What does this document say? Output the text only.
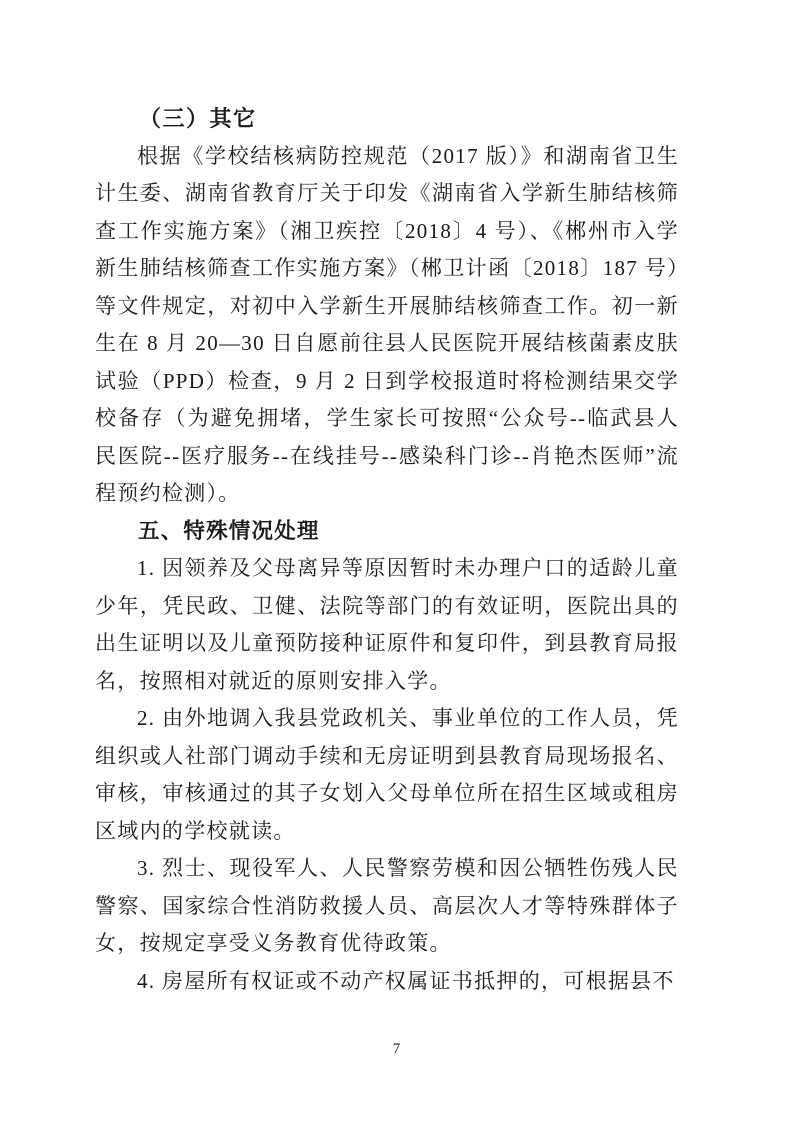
（三）其它

根据《学校结核病防控规范（2017 版）》和湖南省卫生计生委、湖南省教育厅关于印发《湖南省入学新生肺结核筛查工作实施方案》（湘卫疾控〔2018〕4 号）、《郴州市入学新生肺结核筛查工作实施方案》（郴卫计函〔2018〕187 号）等文件规定，对初中入学新生开展肺结核筛查工作。初一新生在 8 月 20—30 日自愿前往县人民医院开展结核菌素皮肤试验（PPD）检查，9 月 2 日到学校报道时将检测结果交学校备存（为避免拥堵，学生家长可按照“公众号--临武县人民医院--医疗服务--在线挂号--感染科门诊--肖艳杰医师”流程预约检测）。

五、特殊情况处理

1. 因领养及父母离异等原因暂时未办理户口的适龄儿童少年，凭民政、卫健、法院等部门的有效证明，医院出具的出生证明以及儿童预防接种证原件和复印件，到县教育局报名，按照相对就近的原则安排入学。

2. 由外地调入我县党政机关、事业单位的工作人员，凭组织或人社部门调动手续和无房证明到县教育局现场报名、审核，审核通过的其子女划入父母单位所在招生区域或租房区域内的学校就读。

3. 烈士、现役军人、人民警察劳模和因公牺牲伤残人民警察、国家综合性消防救援人员、高层次人才等特殊群体子女，按规定享受义务教育优待政策。

4. 房屋所有权证或不动产权属证书抵押的，可根据县不

7
